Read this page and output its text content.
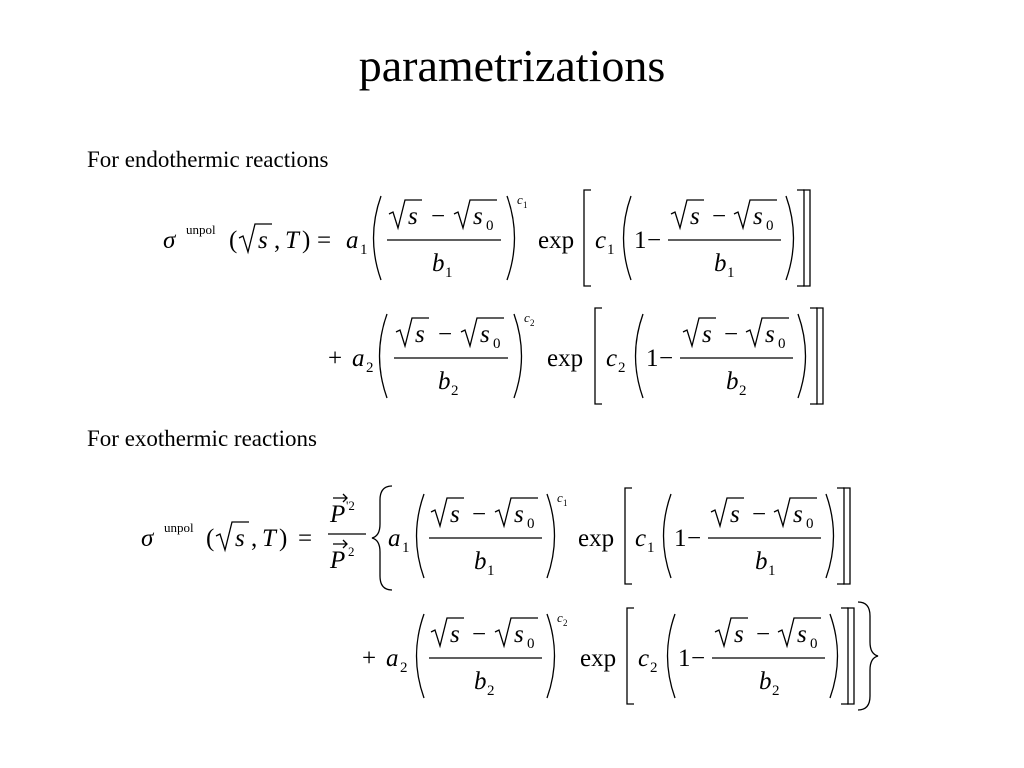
parametrizations
For endothermic reactions
For exothermic reactions
σ unpol ( s , T ) = a 1
s − s 0
b 1
c 1
exp c 1 1 −
s − s 0
b 1
+ a 2
s − s 0
b 2
c 2
exp c 2 1 −
s − s 0
b 2
σ unpol ( s , T ) =
P '2
P 2 a 1
s − s 0
b 1
c 1
exp c 1 1 −
s − s 0
b 1
+ a 2
s − s 0
b 2
c 2
exp c 2 1 −
s − s 0
b 2
